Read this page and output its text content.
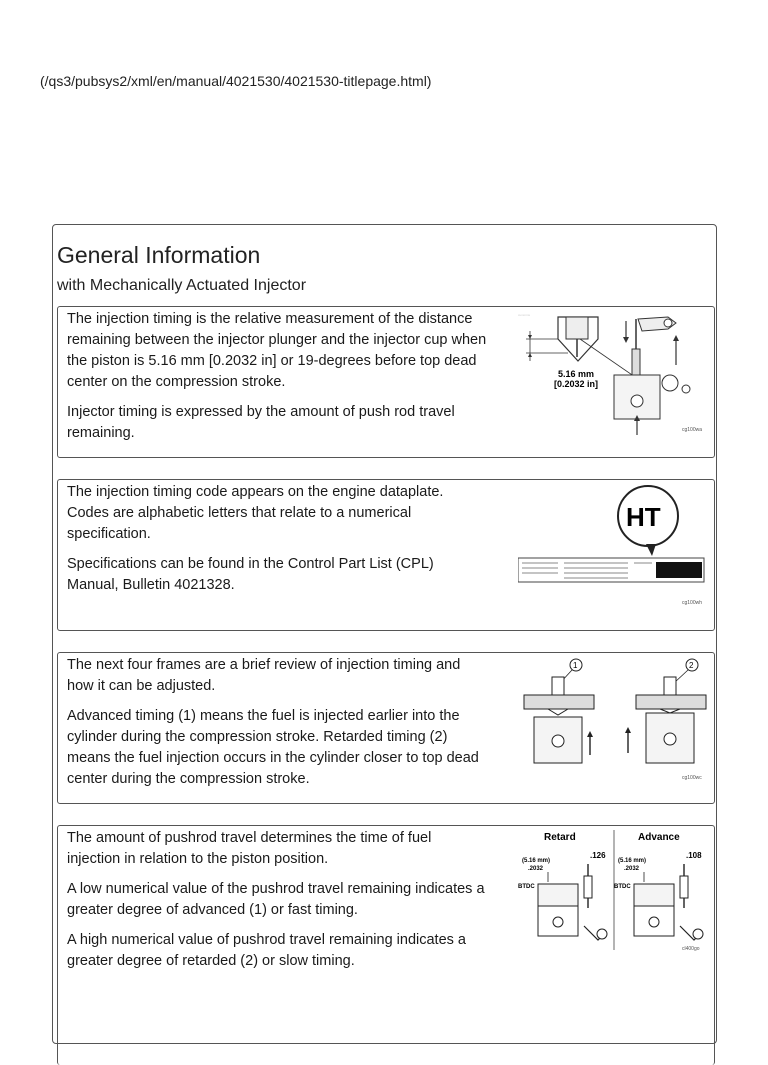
(/qs3/pubsys2/xml/en/manual/4021530/4021530-titlepage.html)
General Information
with Mechanically Actuated Injector

The injection timing is the relative measurement of the distance remaining between the injector plunger and the injector cup when the piston is 5.16 mm [0.2032 in] or 19-degrees before top dead center on the compression stroke.

Injector timing is expressed by the amount of push rod travel remaining.

cummins
5.16 mm
[0.2032 in]
cg100wa

The injection timing code appears on the engine dataplate. Codes are alphabetic letters that relate to a numerical specification.

Specifications can be found in the Control Part List (CPL) Manual, Bulletin 4021328.

HT
cg100wh

The next four frames are a brief review of injection timing and how it can be adjusted.

Advanced timing (1) means the fuel is injected earlier into the cylinder during the compression stroke. Retarded timing (2) means the fuel injection occurs in the cylinder closer to top dead center during the compression stroke.

1	2
cg100wc

The amount of pushrod travel determines the time of fuel injection in relation to the piston position.

A low numerical value of the pushrod travel remaining indicates a greater degree of advanced (1) or fast timing.

A high numerical value of pushrod travel remaining indicates a greater degree of retarded (2) or slow timing.

Retard	Advance
.126	.108
(5.16 mm)
.2032
(5.16 mm)
.2032
BTDC	BTDC
cl400go
